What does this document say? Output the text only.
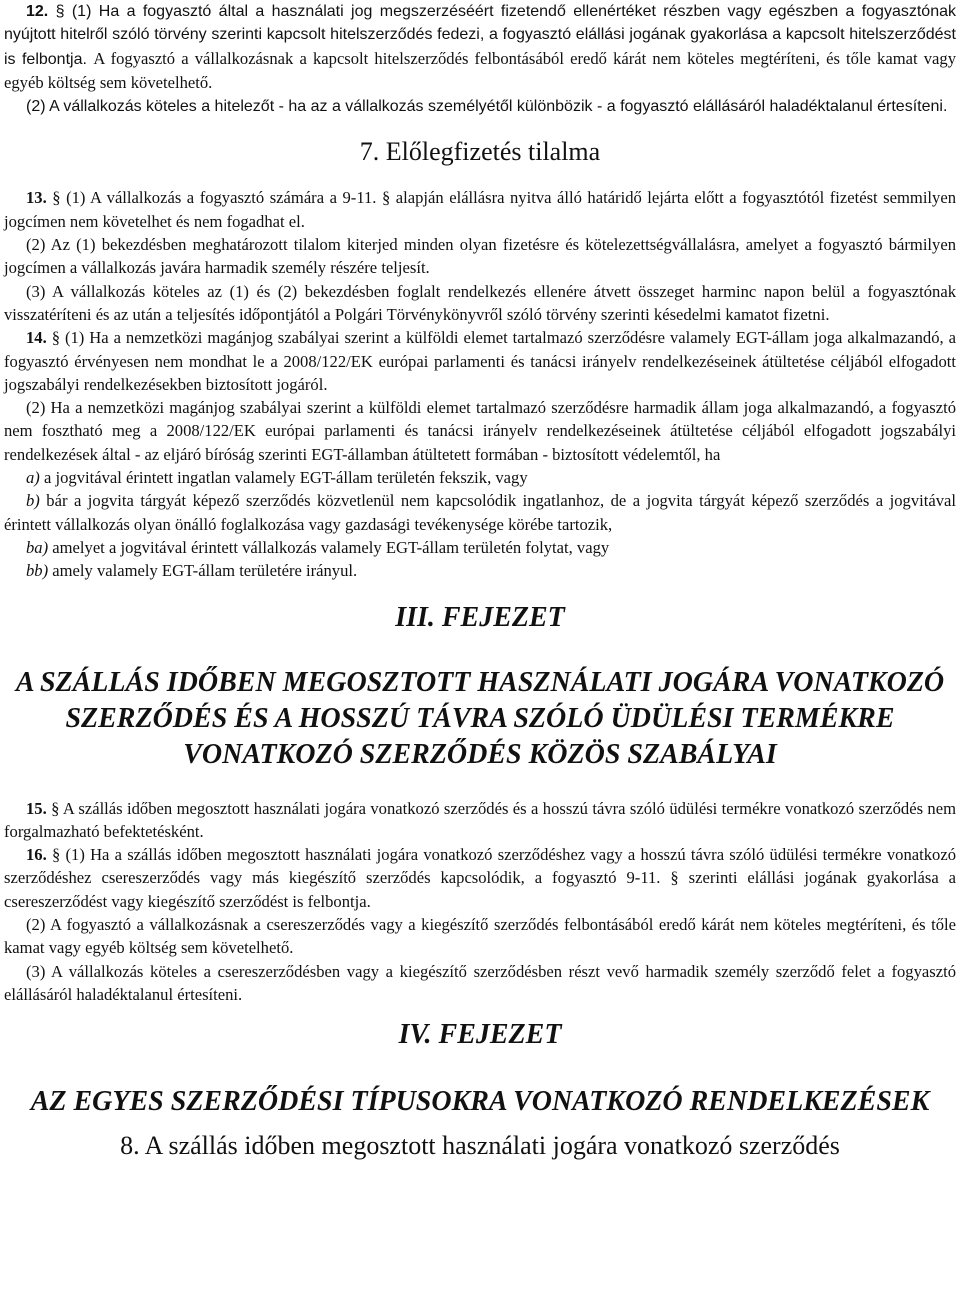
12. § (1) Ha a fogyasztó által a használati jog megszerzéséért fizetendő ellenértéket részben vagy egészben a fogyasztónak nyújtott hitelről szóló törvény szerinti kapcsolt hitelszerződés fedezi, a fogyasztó elállási jogának gyakorlása a kapcsolt hitelszerződést is felbontja. A fogyasztó a vállalkozásnak a kapcsolt hitelszerződés felbontásából eredő kárát nem köteles megtéríteni, és tőle kamat vagy egyéb költség sem követelhető.

(2) A vállalkozás köteles a hitelezőt - ha az a vállalkozás személyétől különbözik - a fogyasztó elállásáról haladéktalanul értesíteni.

7. Előlegfizetés tilalma

13. § (1) A vállalkozás a fogyasztó számára a 9-11. § alapján elállásra nyitva álló határidő lejárta előtt a fogyasztótól fizetést semmilyen jogcímen nem követelhet és nem fogadhat el.

(2) Az (1) bekezdésben meghatározott tilalom kiterjed minden olyan fizetésre és kötelezettségvállalásra, amelyet a fogyasztó bármilyen jogcímen a vállalkozás javára harmadik személy részére teljesít.

(3) A vállalkozás köteles az (1) és (2) bekezdésben foglalt rendelkezés ellenére átvett összeget harminc napon belül a fogyasztónak visszatéríteni és az után a teljesítés időpontjától a Polgári Törvénykönyvről szóló törvény szerinti késedelmi kamatot fizetni.

14. § (1) Ha a nemzetközi magánjog szabályai szerint a külföldi elemet tartalmazó szerződésre valamely EGT-állam joga alkalmazandó, a fogyasztó érvényesen nem mondhat le a 2008/122/EK európai parlamenti és tanácsi irányelv rendelkezéseinek átültetése céljából elfogadott jogszabályi rendelkezésekben biztosított jogáról.

(2) Ha a nemzetközi magánjog szabályai szerint a külföldi elemet tartalmazó szerződésre harmadik állam joga alkalmazandó, a fogyasztó nem fosztható meg a 2008/122/EK európai parlamenti és tanácsi irányelv rendelkezéseinek átültetése céljából elfogadott jogszabályi rendelkezések által - az eljáró bíróság szerinti EGT-államban átültetett formában - biztosított védelemtől, ha

a) a jogvitával érintett ingatlan valamely EGT-állam területén fekszik, vagy

b) bár a jogvita tárgyát képező szerződés közvetlenül nem kapcsolódik ingatlanhoz, de a jogvita tárgyát képező szerződés a jogvitával érintett vállalkozás olyan önálló foglalkozása vagy gazdasági tevékenysége körébe tartozik,

ba) amelyet a jogvitával érintett vállalkozás valamely EGT-állam területén folytat, vagy

bb) amely valamely EGT-állam területére irányul.

III. FEJEZET
A SZÁLLÁS IDŐBEN MEGOSZTOTT HASZNÁLATI JOGÁRA VONATKOZÓ SZERZŐDÉS ÉS A HOSSZÚ TÁVRA SZÓLÓ ÜDÜLÉSI TERMÉKRE VONATKOZÓ SZERZŐDÉS KÖZÖS SZABÁLYAI

15. § A szállás időben megosztott használati jogára vonatkozó szerződés és a hosszú távra szóló üdülési termékre vonatkozó szerződés nem forgalmazható befektetésként.

16. § (1) Ha a szállás időben megosztott használati jogára vonatkozó szerződéshez vagy a hosszú távra szóló üdülési termékre vonatkozó szerződéshez csereszerződés vagy más kiegészítő szerződés kapcsolódik, a fogyasztó 9-11. § szerinti elállási jogának gyakorlása a csereszerződést vagy kiegészítő szerződést is felbontja.

(2) A fogyasztó a vállalkozásnak a csereszerződés vagy a kiegészítő szerződés felbontásából eredő kárát nem köteles megtéríteni, és tőle kamat vagy egyéb költség sem követelhető.

(3) A vállalkozás köteles a csereszerződésben vagy a kiegészítő szerződésben részt vevő harmadik személy szerződő felet a fogyasztó elállásáról haladéktalanul értesíteni.

IV. FEJEZET
AZ EGYES SZERZŐDÉSI TÍPUSOKRA VONATKOZÓ RENDELKEZÉSEK
8. A szállás időben megosztott használati jogára vonatkozó szerződés
